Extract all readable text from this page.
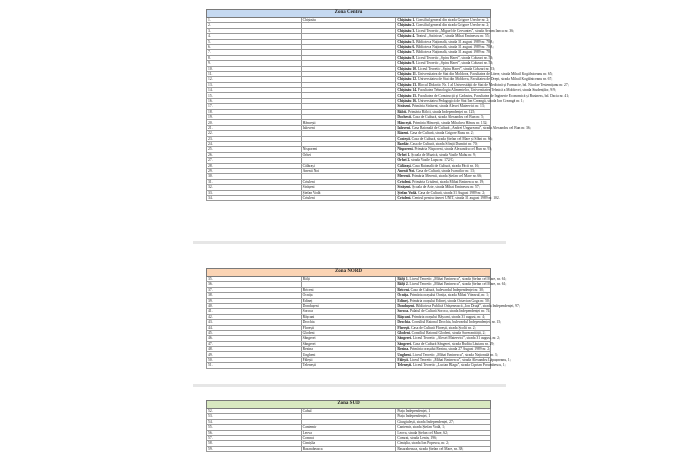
Zona Centru		
1.	Chișinău	Chișinău 1. Consiliul general din strada Grigore Ureche nr. 2;
2.		Chișinău 2. Consiliul general din strada Grigore Ureche nr. 2;
3.		Chișinău 3. Liceul Teoretic „Miguel de Cervantes”, strada Avram Iancu nr. 36;
4.		Chișinău 4. Teatrul „Satiricus”, strada Mihai Eminescu nr. 55;
5.		Chișinău 5. Biblioteca Națională, strada 31 august 1989 nr. 78A;
6.		Chișinău 6. Biblioteca Națională, strada 31 august 1989 nr. 78A;
7.		Chișinău 7. Biblioteca Națională, strada 31 august 1989 nr. 78;
8.		Chișinău 8. Liceul Teoretic „Spiru Haret”, strada Cobzari nr. 53;
9.		Chișinău 9. Liceul Teoretic „Spiru Haret”, strada Cobzari nr. 53;
10.		Chișinău 10. Liceul Teoretic „Spiru Haret”, strada Cobzari nr. 53;
11.		Chișinău 11. Universitatea de Stat din Moldova, Facultatea de Litere, strada Mihail Kogălniceanu nr. 65;
12.		Chișinău 12. Universitatea de Stat din Moldova, Facultatea de Drept, strada Mihail Kogălniceanu nr. 67;
13.		Chișinău 13. Blocul Didactic Nr. 1 al Universității de Stat de Medicină și Farmacie, bd. Nicolae Testemițanu nr. 27;
14.		Chișinău 14. Facultatea Tehnologia Alimentelor, Universitatea Tehnică a Moldovei, strada Studenților, 9/9;
15.		Chișinău 15. Facultatea de Construcții și Cadastru, Facultatea de Inginerie Economică și Business, bd. Dacia nr. 41;
16.		Chișinău 16. Universitatea Pedagogică de Stat Ion Creangă, strada Ion Creangă nr. 1;
17.		Străseni. Primăria Străseni, strada Alexei Mateevici nr. 13;
18.		Bălcii. Primăria Bălcii, strada Independenței nr. 125;
19.		Dochesti. Casa de Cultură, strada Alexandru cel Bun nr. 5;
20.	Hâncești	Hâncești. Primăria Hâncești, strada Mihalcea Hâncu nr. 132;
21.	Ialoveni	Ialoveni. Casa Raională de Cultură „Andrei Ungureanu”, strada Alexandru cel Bun nr. 36;
22.		Răzeni. Casa de Cultură, strada Grigore Rusu nr. 2;
23.		Costești. Casa de Cultură, strada Ștefan cel Mare și Sfânt nr. 66;
24.		Bardăr. Casa de Cultură, strada Sfinții Dumitri nr. 70;
25.	Nisporeni	Nisporeni. Primăria Nisporeni, strada Alexandru cel Bun nr. 93;
26.	Orhei	Orhei 1. Școala de Muzică, strada Vasile Mahu nr. 9;
27.		Orhei 2. strada Vasile Lupu nr. 172/C;
28.	Călărași	Călărași. Casa Raională de Cultură, strada Păcii nr. 16;
29.	Anenii Noi	Anenii Noi. Casa de Cultură, strada Ivancilor nr. 13;
30.		Merenii. Primăria Merenii, strada Ștefan cel Mare nr. 66;
31.	Criuleni	Criuleni. Primăria Criuleni, strada Mihai Eminescu nr. 19;
32.	Strășeni	Strășeni. Școala de Arte, strada Mihai Eminescu nr. 57;
33.	Ștefan Vodă	Ștefan Vodă. Casa de Cultură, strada 31 August 1989 nr. 2;
34.	Criuleni	Criuleni. Centrul pentru tineret UNIT, strada 31 august 1989 nr. 102.
Zona NORD		
35.	Bălți	Bălți 1. Liceul Teoretic „Mihai Eminescu”, strada Ștefan cel Mare, nr. 61;
36.		Bălți 2. Liceul Teoretic „Mihai Eminescu”, strada Ștefan cel Mare, nr. 61;
37.	Briceni	Briceni. Casa de Cultură, bulevardul Independenței nr. 30;
38.	Ocnița	Ocnița. Primăria orașului Ocnița, strada Mihai Viteazul, nr. 1;
39.	Edineț	Edineț. Primăria orașului Edineț, strada Octavian Goga nr. 50;
40.	Dondușeni	Dondușeni. Biblioteca Publică Orășenească „Ion Druță”, strada Independenței, 97;
41.	Soroca	Soroca. Palatul de Cultură Soroca, strada Independenței nr. 74;
42.	Râșcani	Râșcani. Primăria orașului Râșcani, strada 31 august, nr. 4;
43.	Drochia	Drochia. Consiliul Raional Drochia, bulevardul Independenței, nr. 15;
44.	Florești	Florești. Casa de Cultură Florești, strada Școlii nr. 2;
45.	Glodeni	Glodeni. Consiliul Raional Glodeni, strada Suveranității, 2;
46.	Sângerei	Sângerei. Liceul Teoretic „Alexei Mateevici”, strada 31 august, nr. 2;
47.	Sângerei	Sângerei. Casa de Cultură Sângerei, strada Budita Lăutaru nr. 29;
48.	Rezina	Rezina. Primăria orașului Rezina, strada 27 August 1989 nr. 2;
49.	Ungheni	Ungheni. Liceul Teoretic „Mihai Eminescu”, strada Națională nr. 3;
50.	Fălești	Fălești. Liceul Teoretic „Mihai Eminescu”, strada Alexandru Lăpușneanu, 1;
51.	Telenești	Telenești. Liceul Teoretic „Lucian Blaga”, strada Ciprian Porumbescu, 1;
Zona SUD		
52.	Cahul	Piața Independenței, 1
53.		Piața Independenței, 1
54.		Giurgiulești, strada Independenței, 27;
55.	Cantemir	Cantemir, strada Ștefan Vodă, 1;
56.	Leova	Leova, strada Ștefan cel Mare, 62;
57.	Comrat	Comrat, strada Lenin, 196;
58.	Cimișlia	Cimișlia, strada Ion Popescu, nr. 2;
59.	Basarabeasca	Basarabeasca, strada Ștefan cel Mare, nr. 38;
